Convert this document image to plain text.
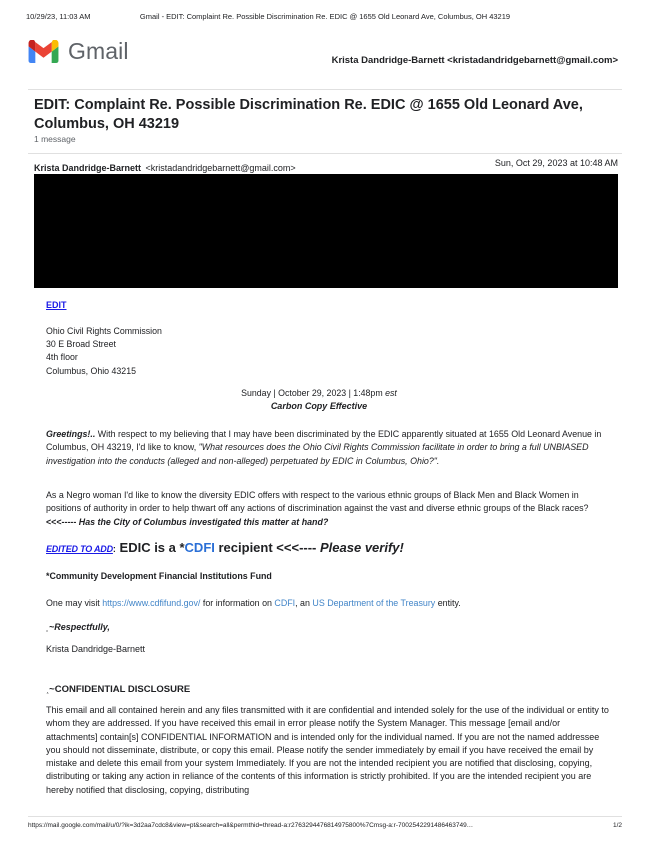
10/29/23, 11:03 AM	Gmail - EDIT: Complaint Re. Possible Discrimination Re. EDIC @ 1655 Old Leonard Ave, Columbus, OH 43219
Gmail	Krista Dandridge-Barnett <kristadandridgebarnett@gmail.com>
EDIT: Complaint Re. Possible Discrimination Re. EDIC @ 1655 Old Leonard Ave, Columbus, OH 43219
1 message
Krista Dandridge-Barnett <kristadandridgebarnett@gmail.com>	Sun, Oct 29, 2023 at 10:48 AM
EDIT
Ohio Civil Rights Commission
30 E Broad Street
4th floor
Columbus, Ohio 43215
Sunday | October 29, 2023 | 1:48pm est
Carbon Copy Effective
Greetings!.. With respect to my believing that I may have been discriminated by the EDIC apparently situated at 1655 Old Leonard Avenue in Columbus, OH 43219, I'd like to know, "What resources does the Ohio Civil Rights Commission facilitate in order to bring a full UNBIASED investigation into the conducts (alleged and non-alleged) perpetuated by EDIC in Columbus, Ohio?".
As a Negro woman I'd like to know the diversity EDIC offers with respect to the various ethnic groups of Black Men and Black Women in positions of authority in order to help thwart off any actions of discrimination against the vast and diverse ethnic groups of the Black races? <<<----- Has the City of Columbus investigated this matter at hand?
EDITED TO ADD: EDIC is a *CDFI recipient <<<---- Please verify!
*Community Development Financial Institutions Fund
One may visit https://www.cdfifund.gov/ for information on CDFI, an US Department of the Treasury entity.
˰~Respectfully,
Krista Dandridge-Barnett
˰~CONFIDENTIAL DISCLOSURE
This email and all contained herein and any files transmitted with it are confidential and intended solely for the use of the individual or entity to whom they are addressed. If you have received this email in error please notify the System Manager. This message [email and/or attachments] contain[s] CONFIDENTIAL INFORMATION and is intended only for the individual named. If you are not the named addressee you should not disseminate, distribute, or copy this email. Please notify the sender immediately by email if you have received the email by mistake and delete this email from your system Immediately. If you are not the intended recipient you are notified that disclosing, copying, distributing or taking any action in reliance of the contents of this information is strictly prohibited. If you are the intended recipient you are hereby notified that disclosing, copying, distributing
https://mail.google.com/mail/u/0/?ik=3d2aa7cdc8&view=pt&search=all&permthid=thread-a:r2763294476814975800%7Cmsg-a:r-7002542291486463749…	1/2
